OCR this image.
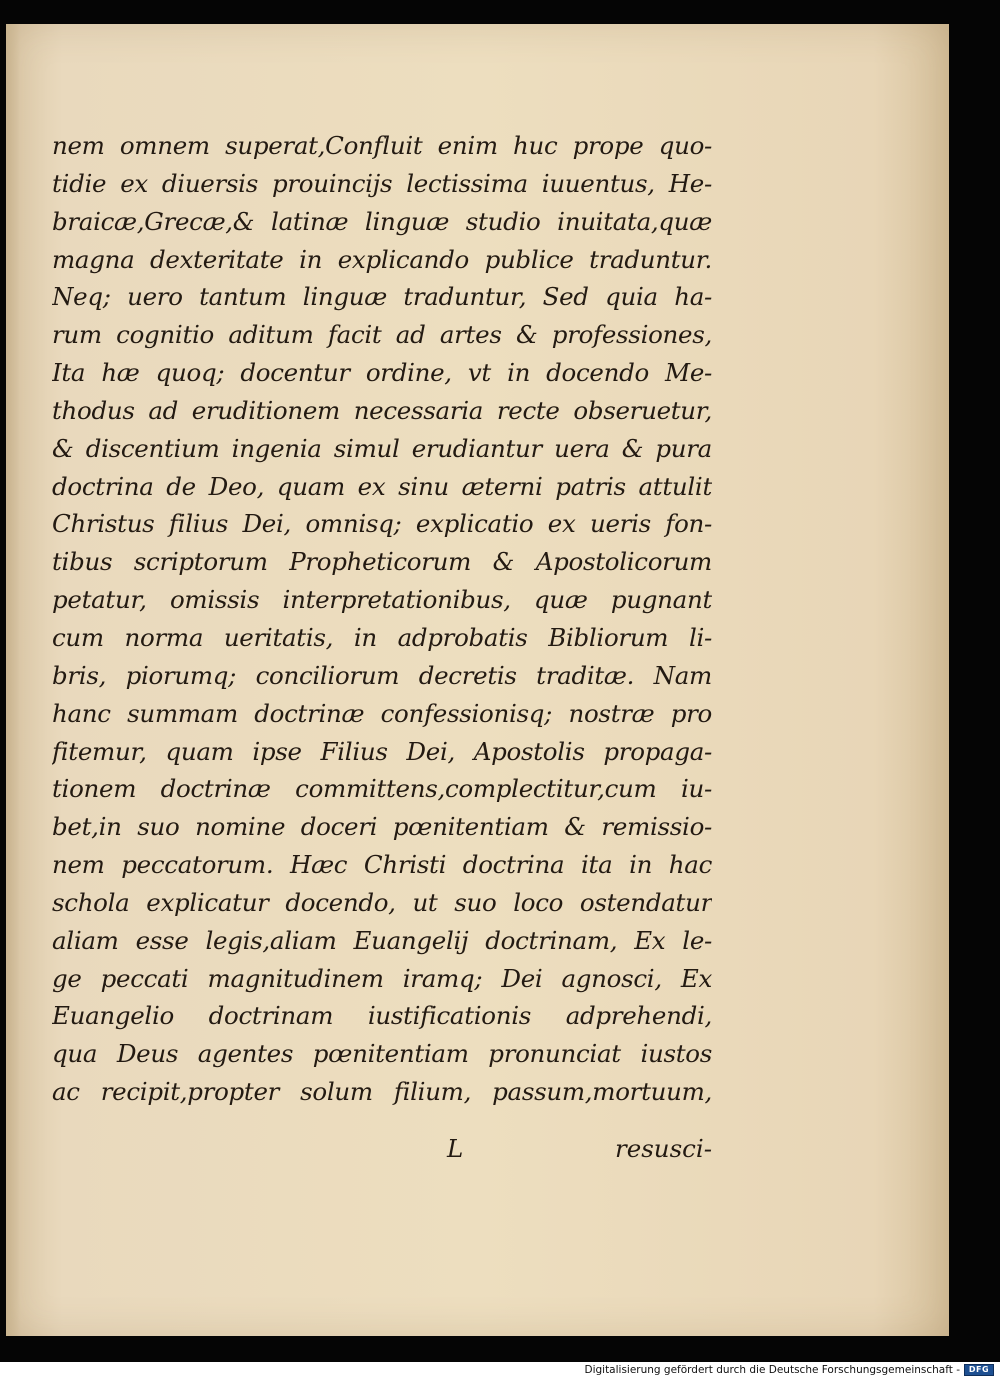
nem omnem superat,Confluit enim huc prope quo-
tidie ex diuersis prouincijs lectissima iuuentus, He-
braicæ,Grecæ,& latinæ linguæ studio inuitata,quæ
magna dexteritate in explicando publice traduntur.
Neq; uero tantum linguæ traduntur, Sed quia ha-
rum cognitio aditum facit ad artes & professiones,
Ita hæ quoq; docentur ordine, vt in docendo Me-
thodus ad eruditionem necessaria recte obseruetur,
& discentium ingenia simul erudiantur uera & pura
doctrina de Deo, quam ex sinu æterni patris attulit
Christus filius Dei, omnisq; explicatio ex ueris fon-
tibus scriptorum Propheticorum & Apostolicorum
petatur, omissis interpretationibus, quæ pugnant
cum norma ueritatis, in adprobatis Bibliorum li-
bris, piorumq; conciliorum decretis traditæ. Nam
hanc summam doctrinæ confessionisq; nostræ pro
fitemur, quam ipse Filius Dei, Apostolis propaga-
tionem doctrinæ committens,complectitur,cum iu-
bet,in suo nomine doceri pœnitentiam & remissio-
nem peccatorum. Hæc Christi doctrina ita in hac
schola explicatur docendo, ut suo loco ostendatur
aliam esse legis,aliam Euangelij doctrinam, Ex le-
ge peccati magnitudinem iramq; Dei agnosci, Ex
Euangelio doctrinam iustificationis adprehendi,
qua Deus agentes pœnitentiam pronunciat iustos
ac recipit,propter solum filium, passum,mortuum,
L	resusci-
Digitalisierung gefördert durch die Deutsche Forschungsgemeinschaft -	DFG
